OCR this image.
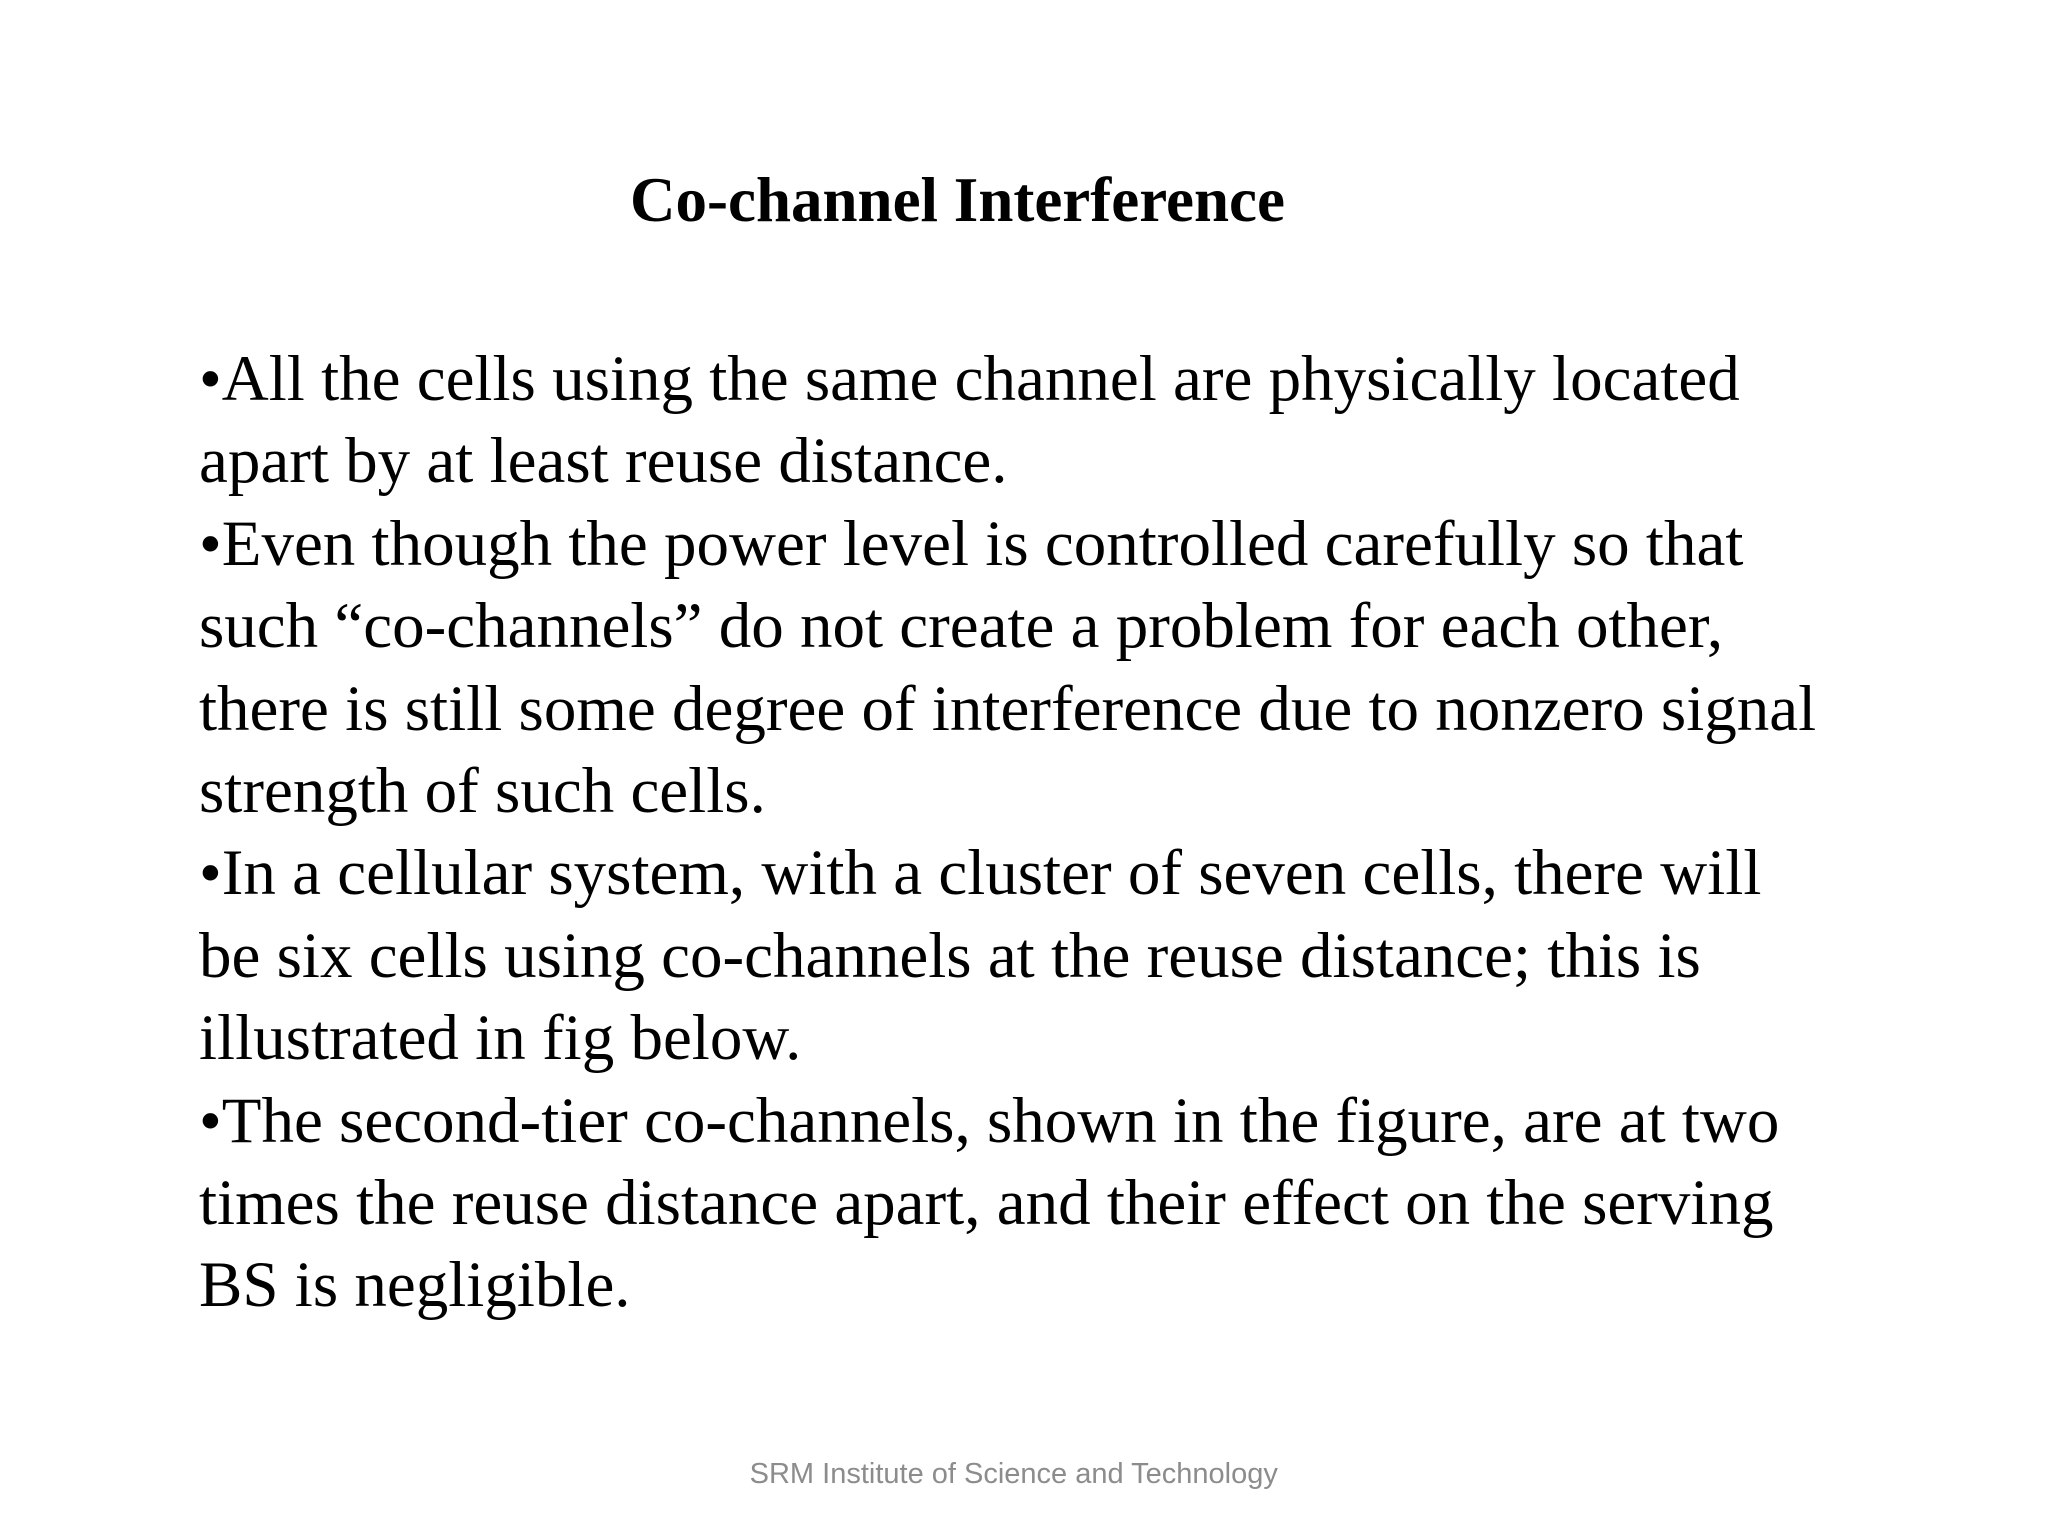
Co-channel Interference

•All the cells using the same channel are physically located
apart by at least reuse distance.

•Even though the power level is controlled carefully so that
such “co-channels” do not create a problem for each other,
there is still some degree of interference due to nonzero signal
strength of such cells.

•In a cellular system, with a cluster of seven cells, there will
be six cells using co-channels at the reuse distance; this is
illustrated in fig below.

•The second-tier co-channels, shown in the figure, are at two
times the reuse distance apart, and their effect on the serving
BS is negligible.

SRM Institute of Science and Technology
